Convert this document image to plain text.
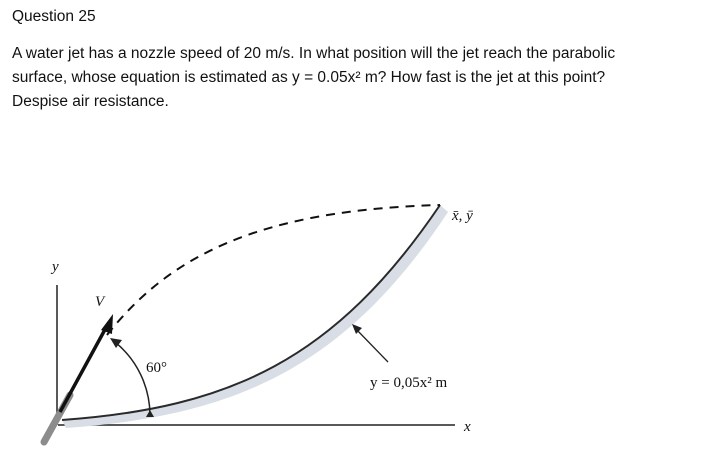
Question 25

A water jet has a nozzle speed of 20 m/s. In what position will the jet reach the parabolic

surface, whose equation is estimated as y = 0.05x² m? How fast is the jet at this point?

Despise air resistance.

y
x
V
60°
x̄, ȳ
y = 0,05x² m
